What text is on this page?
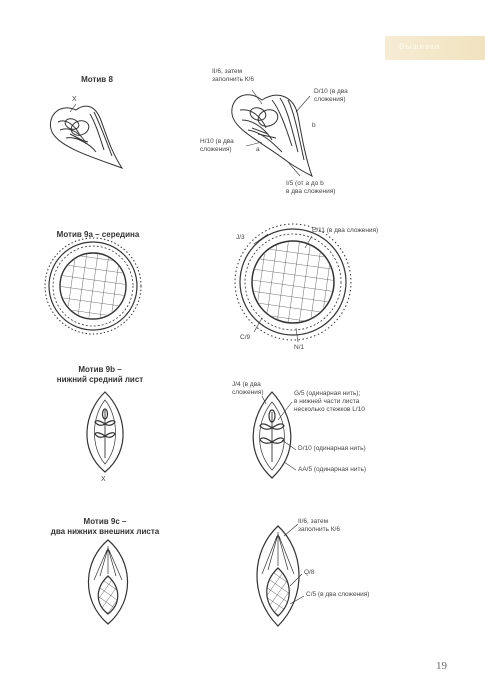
Вышивка
Мотив 8
Мотив 9a – середина
Мотив 9b –
нижний средний лист
Мотив 9c –
два нижних внешних листа
X
II/6, затем
заполнить К/6
D/10 (в два
сложения)
b
H/10 (в два
сложения)	a
I/5 (от a до b
в два сложения)
J/3
E/11 (в два сложения)
C/9
N/1
X
J/4 (в два
сложения)	G/5 (одинарная нить);
в нижней части листа
несколько стежков L/10
D/10 (одинарная нить)
AA/5 (одинарная нить)
II/6, затем
заполнить К/6
Q/8
C/5 (в два сложения)
19
